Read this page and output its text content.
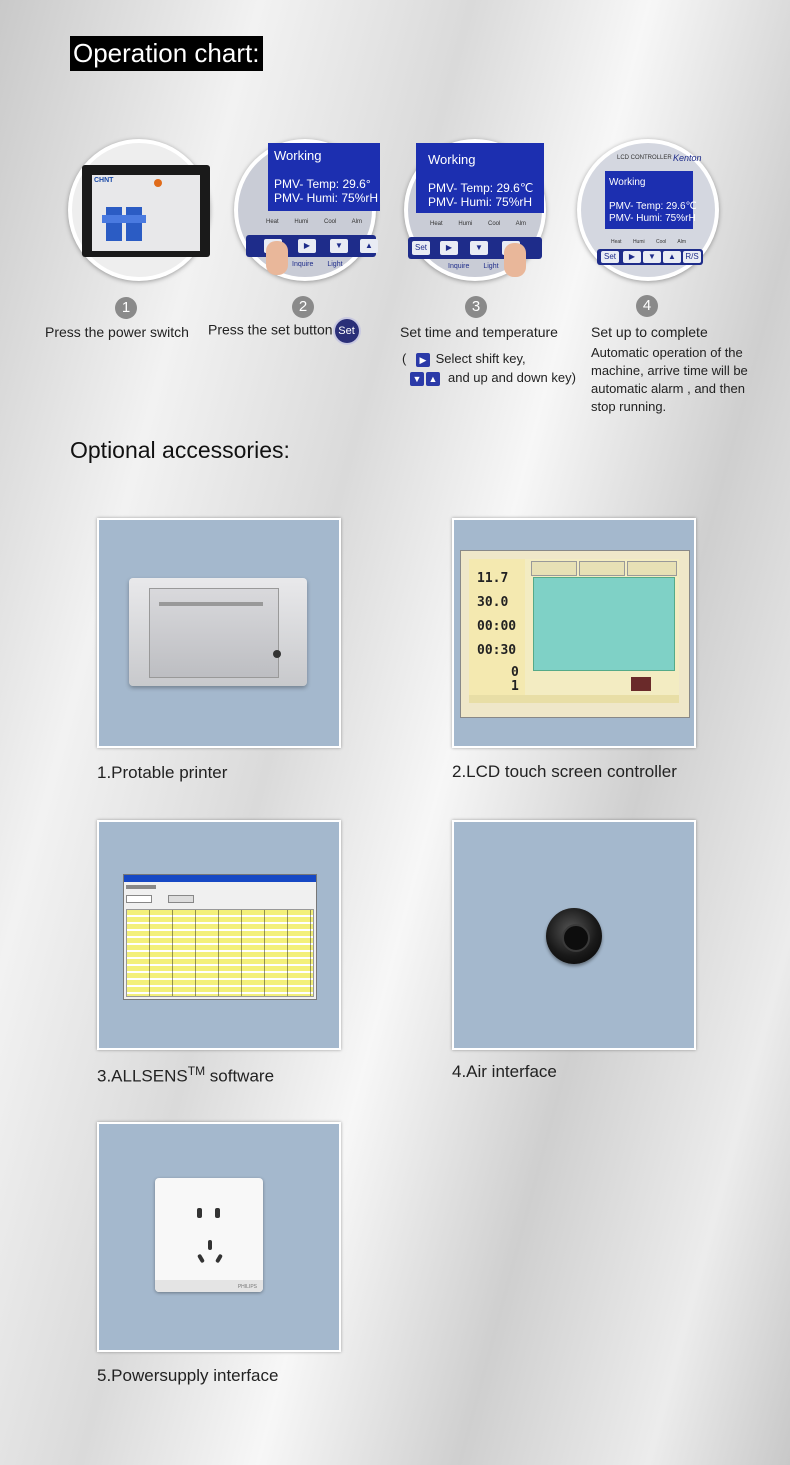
Operation chart:
CHNT
Working
PMV- Temp: 29.6°
PMV- Humi: 75%rH
Heat Humi Cool Alm
▶	▼	▲
Inquire Light
Working
PMV- Temp: 29.6℃
PMV- Humi: 75%rH
Heat Humi Cool Alm
Set	▶	▼
Inquire Light
LCD CONTROLLER Kenton
Working
PMV- Temp: 29.6℃
PMV- Humi: 75%rH
Heat Humi Cool Alm
Set	▶	▼	▲	R/S
1	2	3	4
Press the power switch Press the set button Set	Set time and temperature
( ▶ Select shift key,
▼ ▲ and up and down key)
Set up to complete
Automatic operation of the machine, arrive time will be automatic alarm , and then stop running.
Optional accessories:
1.Protable printer
11.7
30.0
00:00
00:30
0
1
2.LCD touch screen controller
3.ALLSENS™ software	4.Air interface
PHILIPS
5.Powersupply interface
